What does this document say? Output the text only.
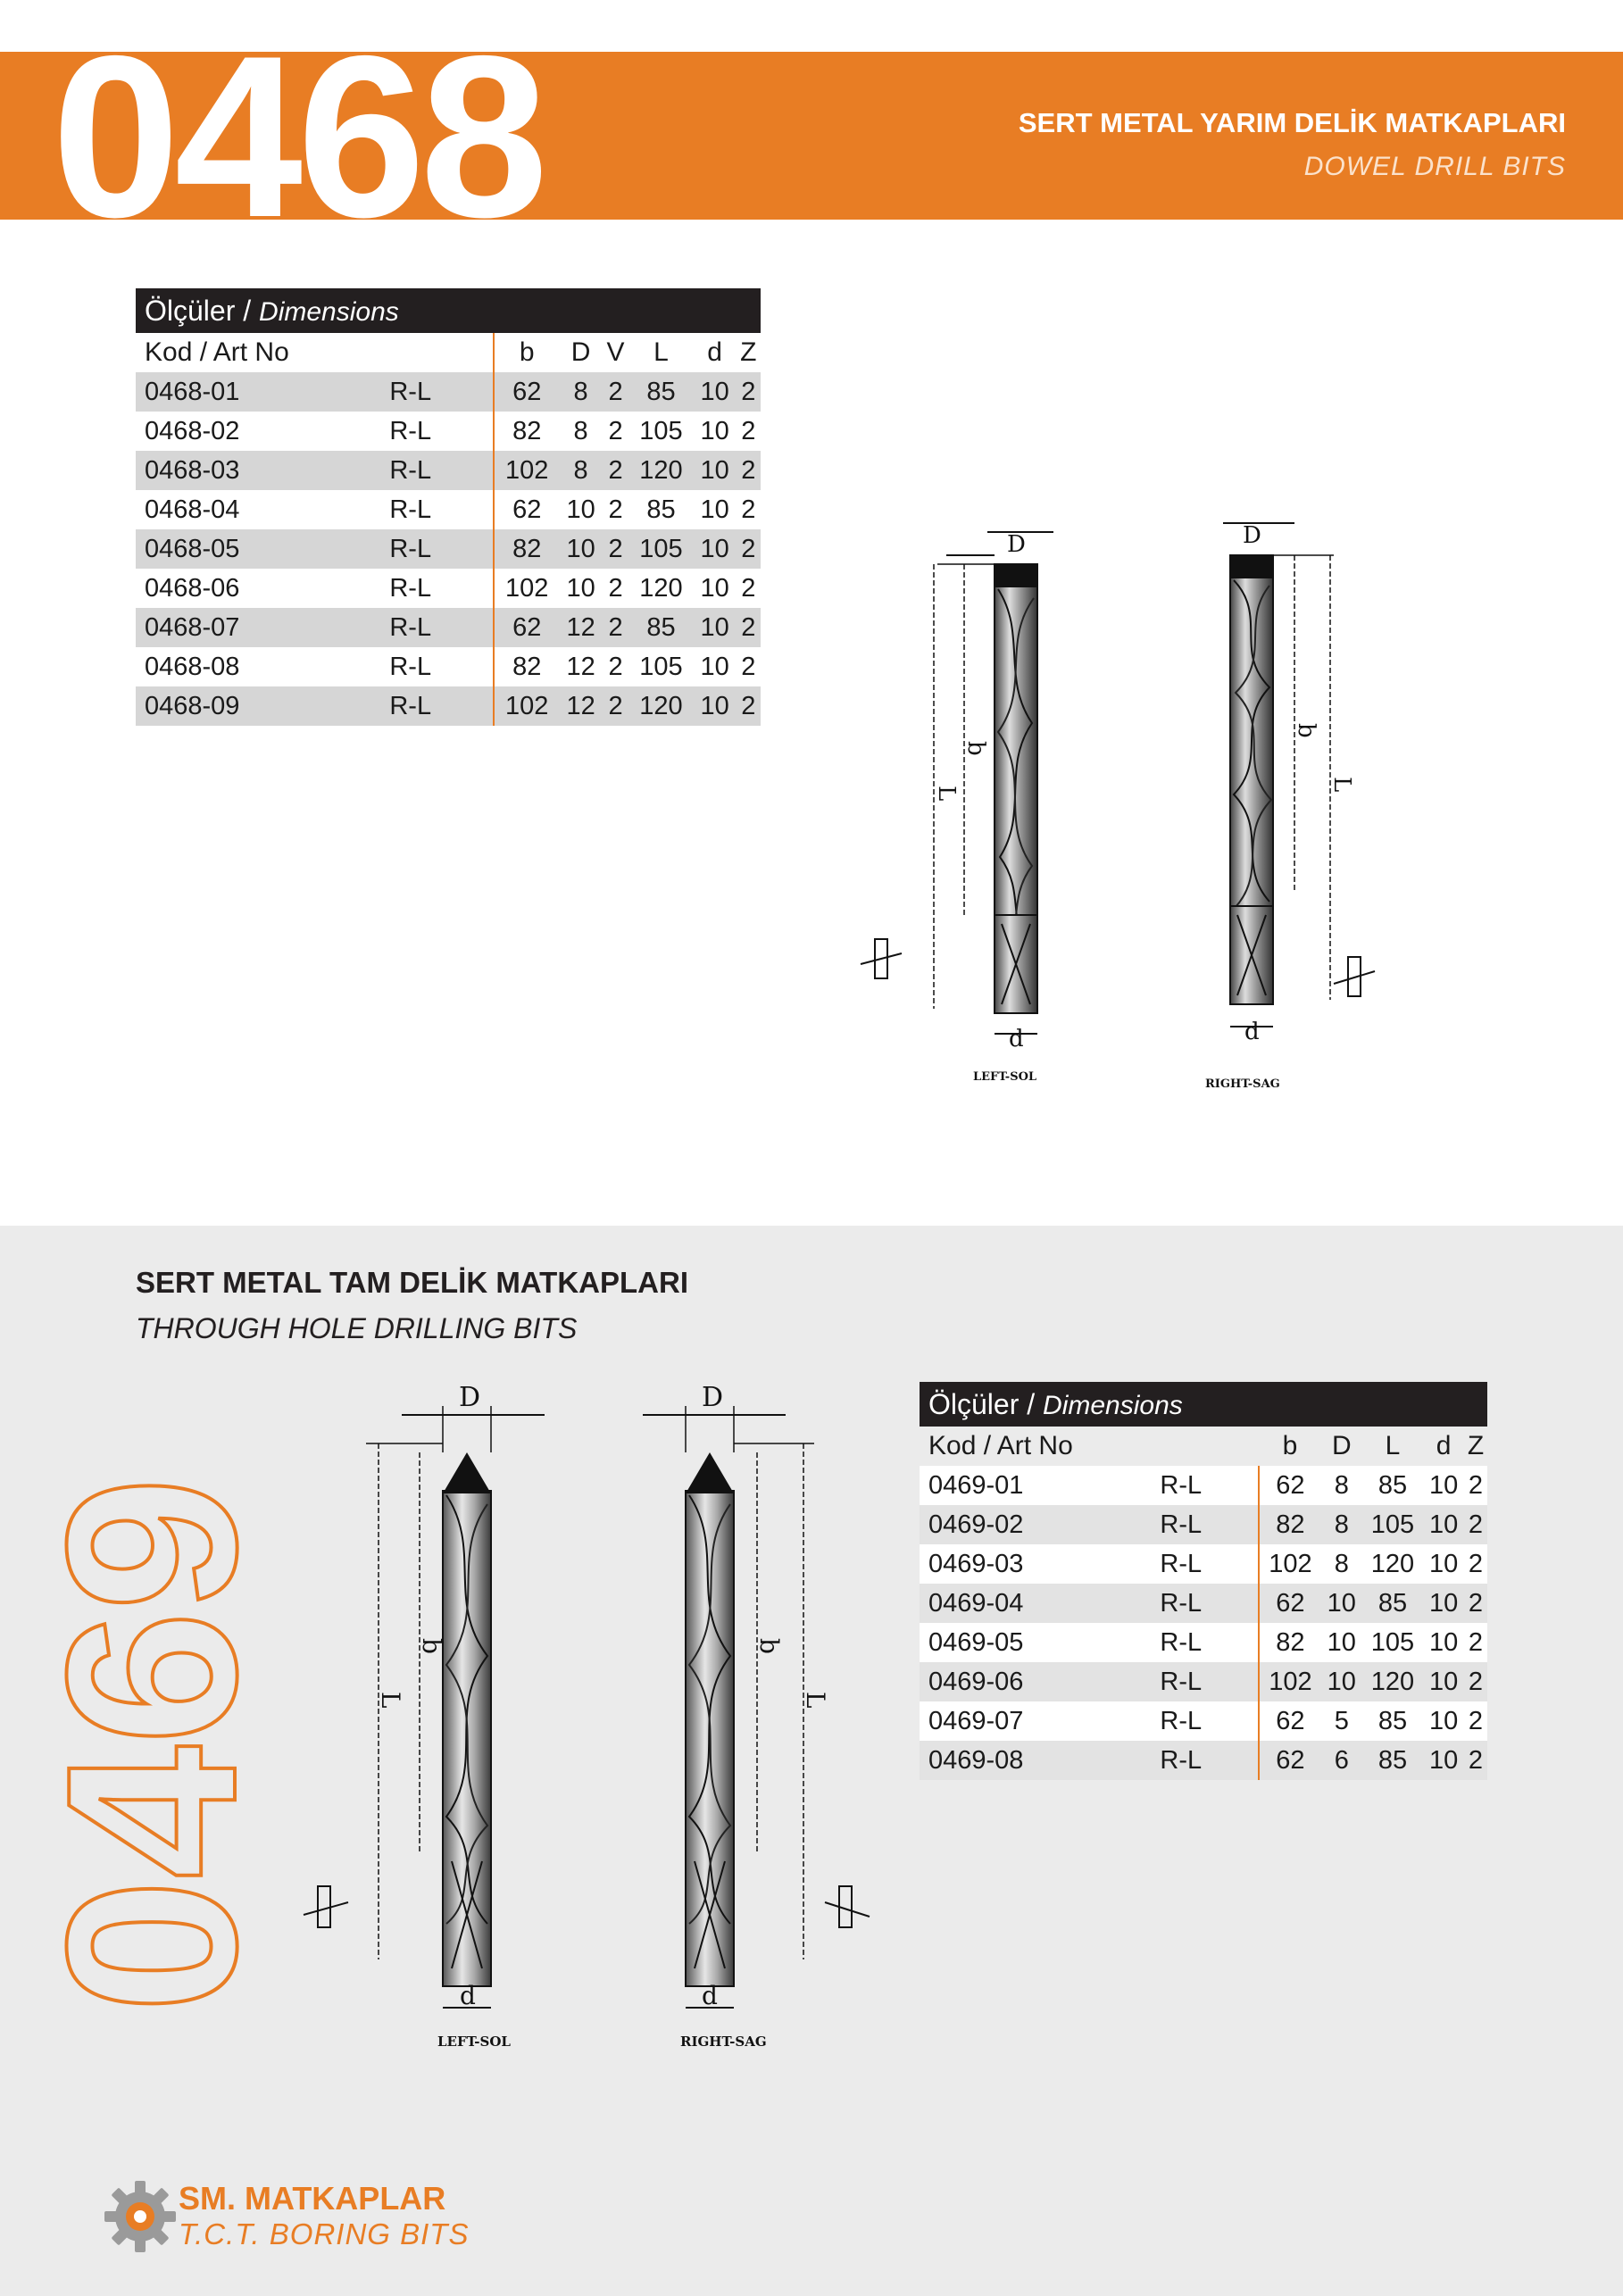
0468	SERT METAL YARIM DELİK MATKAPLARI
DOWEL DRILL BITS
Ölçüler / Dimensions							
Kod / Art No		b	D	V	L	d	Z
0468-01	R-L	62	8	2	85	10	2
0468-02	R-L	82	8	2	105	10	2
0468-03	R-L	102	8	2	120	10	2
0468-04	R-L	62	10	2	85	10	2
0468-05	R-L	82	10	2	105	10	2
0468-06	R-L	102	10	2	120	10	2
0468-07	R-L	62	12	2	85	10	2
0468-08	R-L	82	12	2	105	10	2
0468-09	R-L	102	12	2	120	10	2
D
b
L
d
LEFT-SOL
D
b
L
d
RIGHT-SAG
SERT METAL TAM DELİK MATKAPLARI
THROUGH HOLE DRILLING BITS
0469
D
b
L
d
LEFT-SOL
D
b
L
d
RIGHT-SAG
Ölçüler / Dimensions						
Kod / Art No		b	D	L	d	Z
0469-01	R-L	62	8	85	10	2
0469-02	R-L	82	8	105	10	2
0469-03	R-L	102	8	120	10	2
0469-04	R-L	62	10	85	10	2
0469-05	R-L	82	10	105	10	2
0469-06	R-L	102	10	120	10	2
0469-07	R-L	62	5	85	10	2
0469-08	R-L	62	6	85	10	2
SM. MATKAPLAR
T.C.T. BORING BITS
